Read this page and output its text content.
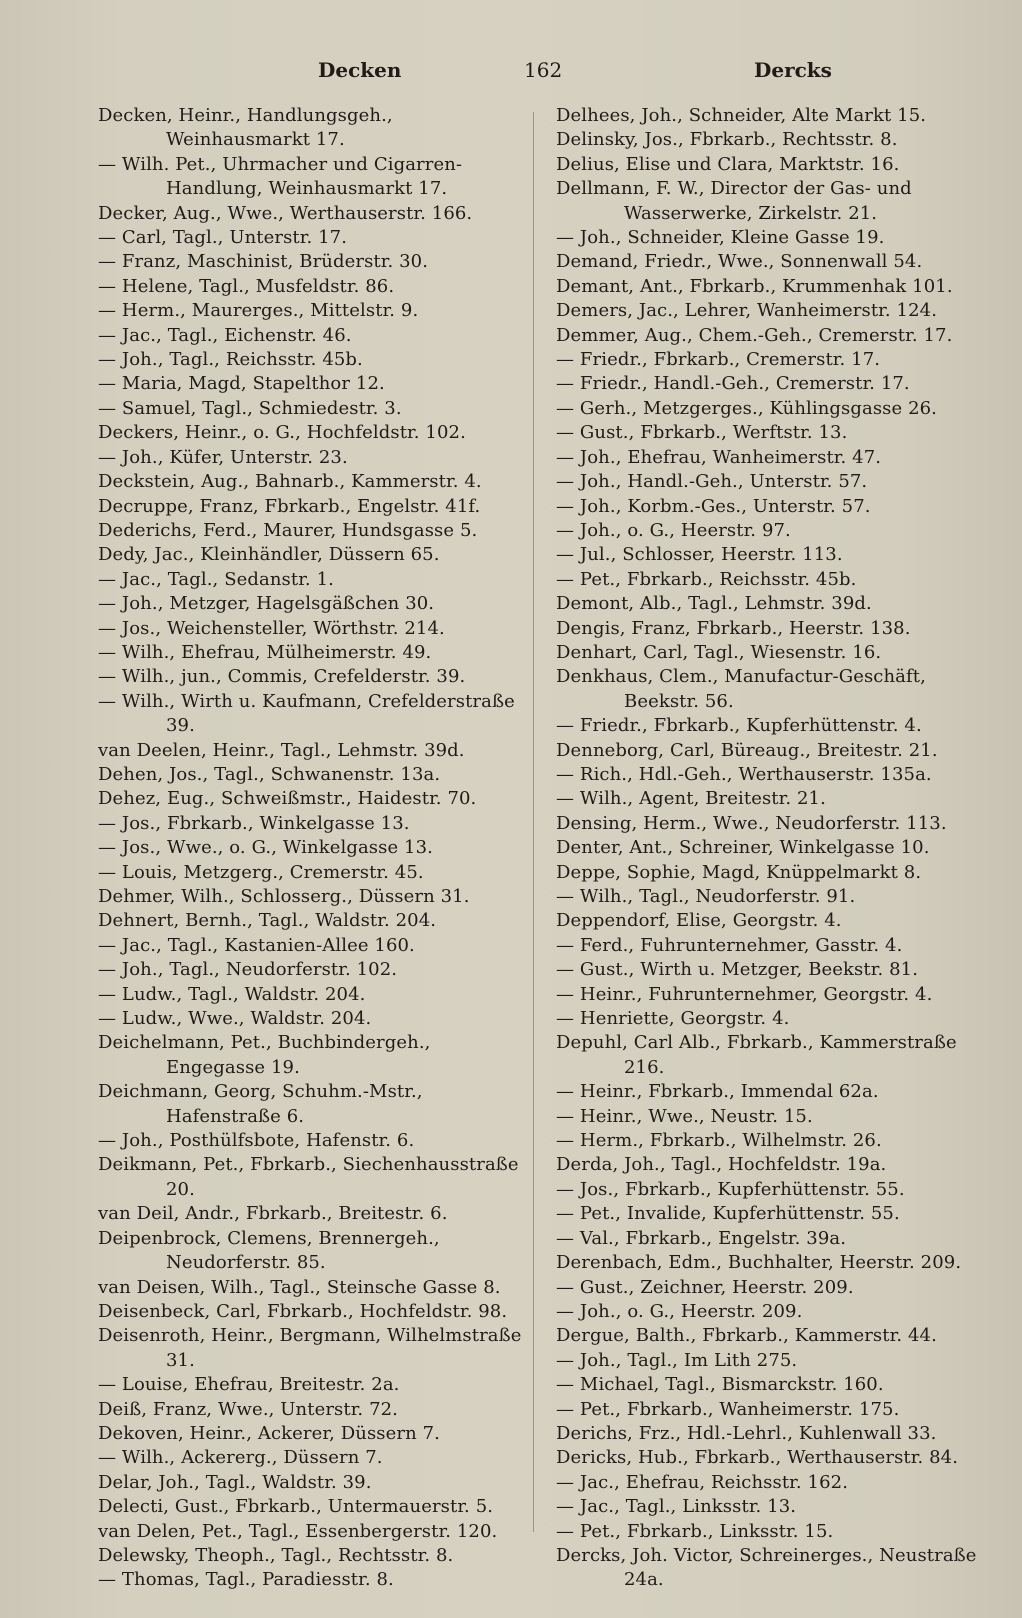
Decken	162	Dercks

Decken, Heinr., Handlungsgeh., Weinhausmarkt 17.

— Wilh. Pet., Uhrmacher und Cigarren-Handlung, Weinhausmarkt 17.

Decker, Aug., Wwe., Werthauserstr. 166.

— Carl, Tagl., Unterstr. 17.

— Franz, Maschinist, Brüderstr. 30.

— Helene, Tagl., Musfeldstr. 86.

— Herm., Maurerges., Mittelstr. 9.

— Jac., Tagl., Eichenstr. 46.

— Joh., Tagl., Reichsstr. 45b.

— Maria, Magd, Stapelthor 12.

— Samuel, Tagl., Schmiedestr. 3.

Deckers, Heinr., o. G., Hochfeldstr. 102.

— Joh., Küfer, Unterstr. 23.

Deckstein, Aug., Bahnarb., Kammerstr. 4.

Decruppe, Franz, Fbrkarb., Engelstr. 41f.

Dederichs, Ferd., Maurer, Hundsgasse 5.

Dedy, Jac., Kleinhändler, Düssern 65.

— Jac., Tagl., Sedanstr. 1.

— Joh., Metzger, Hagelsgäßchen 30.

— Jos., Weichensteller, Wörthstr. 214.

— Wilh., Ehefrau, Mülheimerstr. 49.

— Wilh., jun., Commis, Crefelderstr. 39.

— Wilh., Wirth u. Kaufmann, Crefelderstraße 39.

van Deelen, Heinr., Tagl., Lehmstr. 39d.

Dehen, Jos., Tagl., Schwanenstr. 13a.

Dehez, Eug., Schweißmstr., Haidestr. 70.

— Jos., Fbrkarb., Winkelgasse 13.

— Jos., Wwe., o. G., Winkelgasse 13.

— Louis, Metzgerg., Cremerstr. 45.

Dehmer, Wilh., Schlosserg., Düssern 31.

Dehnert, Bernh., Tagl., Waldstr. 204.

— Jac., Tagl., Kastanien-Allee 160.

— Joh., Tagl., Neudorferstr. 102.

— Ludw., Tagl., Waldstr. 204.

— Ludw., Wwe., Waldstr. 204.

Deichelmann, Pet., Buchbindergeh., Engegasse 19.

Deichmann, Georg, Schuhm.-Mstr., Hafenstraße 6.

— Joh., Posthülfsbote, Hafenstr. 6.

Deikmann, Pet., Fbrkarb., Siechenhausstraße 20.

van Deil, Andr., Fbrkarb., Breitestr. 6.

Deipenbrock, Clemens, Brennergeh., Neudorferstr. 85.

van Deisen, Wilh., Tagl., Steinsche Gasse 8.

Deisenbeck, Carl, Fbrkarb., Hochfeldstr. 98.

Deisenroth, Heinr., Bergmann, Wilhelmstraße 31.

— Louise, Ehefrau, Breitestr. 2a.

Deiß, Franz, Wwe., Unterstr. 72.

Dekoven, Heinr., Ackerer, Düssern 7.

— Wilh., Ackererg., Düssern 7.

Delar, Joh., Tagl., Waldstr. 39.

Delecti, Gust., Fbrkarb., Untermauerstr. 5.

van Delen, Pet., Tagl., Essenbergerstr. 120.

Delewsky, Theoph., Tagl., Rechtsstr. 8.

— Thomas, Tagl., Paradiesstr. 8.

Delhees, Joh., Schneider, Alte Markt 15.

Delinsky, Jos., Fbrkarb., Rechtsstr. 8.

Delius, Elise und Clara, Marktstr. 16.

Dellmann, F. W., Director der Gas- und Wasserwerke, Zirkelstr. 21.

— Joh., Schneider, Kleine Gasse 19.

Demand, Friedr., Wwe., Sonnenwall 54.

Demant, Ant., Fbrkarb., Krummenhak 101.

Demers, Jac., Lehrer, Wanheimerstr. 124.

Demmer, Aug., Chem.-Geh., Cremerstr. 17.

— Friedr., Fbrkarb., Cremerstr. 17.

— Friedr., Handl.-Geh., Cremerstr. 17.

— Gerh., Metzgerges., Kühlingsgasse 26.

— Gust., Fbrkarb., Werftstr. 13.

— Joh., Ehefrau, Wanheimerstr. 47.

— Joh., Handl.-Geh., Unterstr. 57.

— Joh., Korbm.-Ges., Unterstr. 57.

— Joh., o. G., Heerstr. 97.

— Jul., Schlosser, Heerstr. 113.

— Pet., Fbrkarb., Reichsstr. 45b.

Demont, Alb., Tagl., Lehmstr. 39d.

Dengis, Franz, Fbrkarb., Heerstr. 138.

Denhart, Carl, Tagl., Wiesenstr. 16.

Denkhaus, Clem., Manufactur-Geschäft, Beekstr. 56.

— Friedr., Fbrkarb., Kupferhüttenstr. 4.

Denneborg, Carl, Büreaug., Breitestr. 21.

— Rich., Hdl.-Geh., Werthauserstr. 135a.

— Wilh., Agent, Breitestr. 21.

Densing, Herm., Wwe., Neudorferstr. 113.

Denter, Ant., Schreiner, Winkelgasse 10.

Deppe, Sophie, Magd, Knüppelmarkt 8.

— Wilh., Tagl., Neudorferstr. 91.

Deppendorf, Elise, Georgstr. 4.

— Ferd., Fuhrunternehmer, Gasstr. 4.

— Gust., Wirth u. Metzger, Beekstr. 81.

— Heinr., Fuhrunternehmer, Georgstr. 4.

— Henriette, Georgstr. 4.

Depuhl, Carl Alb., Fbrkarb., Kammerstraße 216.

— Heinr., Fbrkarb., Immendal 62a.

— Heinr., Wwe., Neustr. 15.

— Herm., Fbrkarb., Wilhelmstr. 26.

Derda, Joh., Tagl., Hochfeldstr. 19a.

— Jos., Fbrkarb., Kupferhüttenstr. 55.

— Pet., Invalide, Kupferhüttenstr. 55.

— Val., Fbrkarb., Engelstr. 39a.

Derenbach, Edm., Buchhalter, Heerstr. 209.

— Gust., Zeichner, Heerstr. 209.

— Joh., o. G., Heerstr. 209.

Dergue, Balth., Fbrkarb., Kammerstr. 44.

— Joh., Tagl., Im Lith 275.

— Michael, Tagl., Bismarckstr. 160.

— Pet., Fbrkarb., Wanheimerstr. 175.

Derichs, Frz., Hdl.-Lehrl., Kuhlenwall 33.

Dericks, Hub., Fbrkarb., Werthauserstr. 84.

— Jac., Ehefrau, Reichsstr. 162.

— Jac., Tagl., Linksstr. 13.

— Pet., Fbrkarb., Linksstr. 15.

Dercks, Joh. Victor, Schreinerges., Neustraße 24a.
